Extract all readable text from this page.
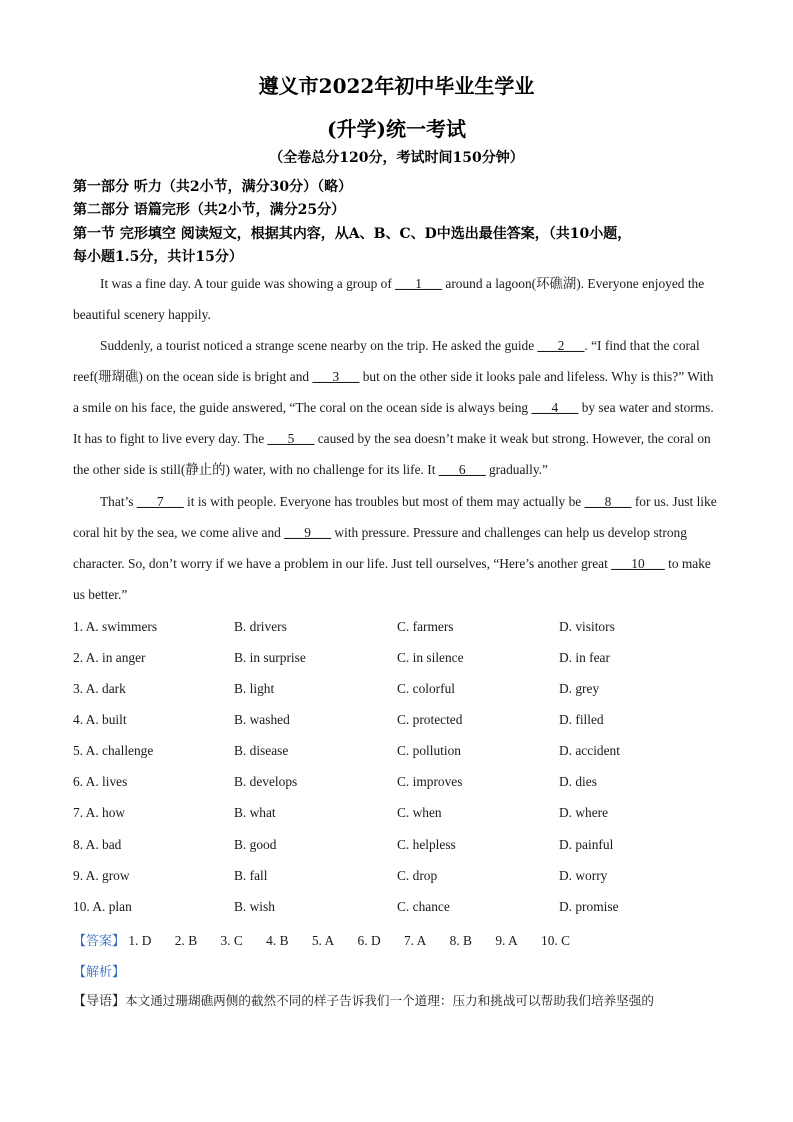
遵义市2022年初中毕业生学业
(升学)统一考试
（全卷总分120分，考试时间150分钟）
第一部分 听力（共2小节，满分30分）（略）
第二部分 语篇完形（共2小节，满分25分）
第一节 完形填空 阅读短文，根据其内容，从A、B、C、D中选出最佳答案，（共10小题，
每小题1.5分，共计15分）
It was a fine day. A tour guide was showing a group of ___1___ around a lagoon(环礁湖). Everyone enjoyed the beautiful scenery happily.
Suddenly, a tourist noticed a strange scene nearby on the trip. He asked the guide ___2___. “I find that the coral reef(珊瑚礁) on the ocean side is bright and ___3___ but on the other side it looks pale and lifeless. Why is this?” With a smile on his face, the guide answered, “The coral on the ocean side is always being ___4___ by sea water and storms. It has to fight to live every day. The ___5___ caused by the sea doesn’t make it weak but strong. However, the coral on the other side is still(静止的) water, with no challenge for its life. It ___6___ gradually.”
That’s ___7___ it is with people. Everyone has troubles but most of them may actually be ___8___ for us. Just like coral hit by the sea, we come alive and ___9___ with pressure. Pressure and challenges can help us develop strong character. So, don’t worry if we have a problem in our life. Just tell ourselves, “Here’s another great ___10___ to make us better.”
1. A. swimmers	B. drivers	C. farmers	D. visitors
2. A. in anger	B. in surprise	C. in silence	D. in fear
3. A. dark	B. light	C. colorful	D. grey
4. A. built	B. washed	C. protected	D. filled
5. A. challenge	B. disease	C. pollution	D. accident
6. A. lives	B. develops	C. improves	D. dies
7. A. how	B. what	C. when	D. where
8. A. bad	B. good	C. helpless	D. painful
9. A. grow	B. fall	C. drop	D. worry
10. A. plan	B. wish	C. chance	D. promise
【答案】 1. D 2. B 3. C 4. B 5. A 6. D 7. A 8. B 9. A 10. C
【解析】
【导语】本文通过珊瑚礁两侧的截然不同的样子告诉我们一个道理：压力和挑战可以帮助我们培养坚强的
